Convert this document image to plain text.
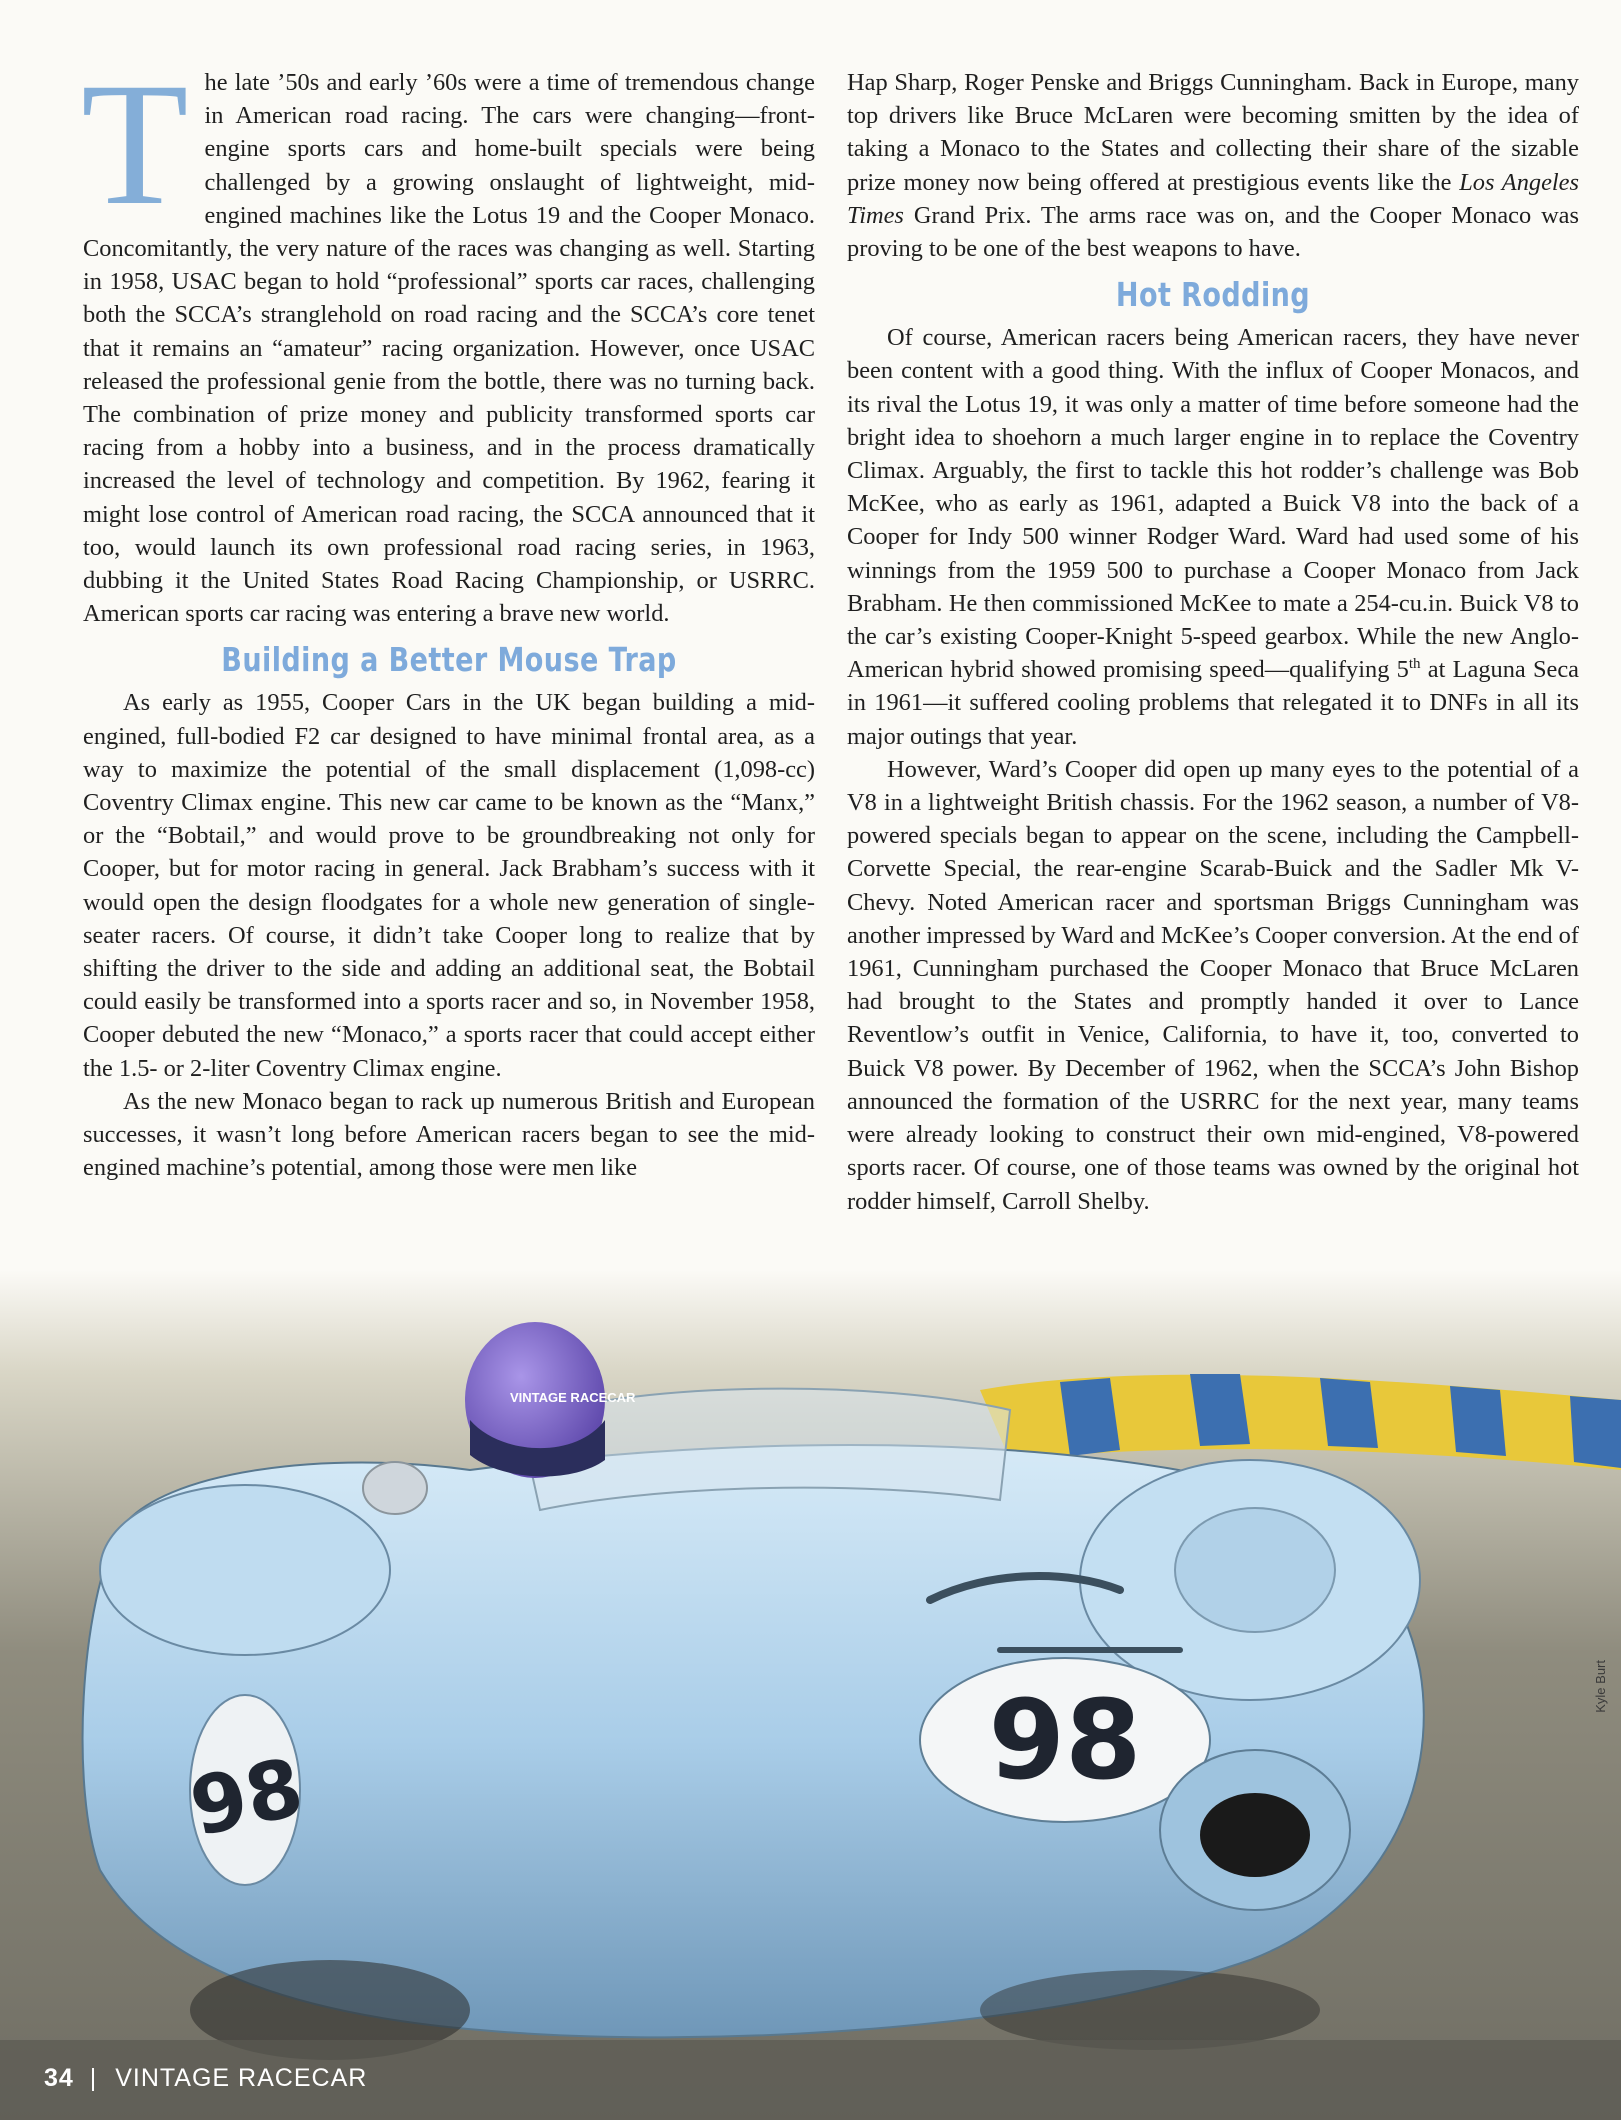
T he late ’50s and early ’60s were a time of tremendous change in American road racing. The cars were changing—front-engine sports cars and home-built specials were being challenged by a growing onslaught of lightweight, mid-engined machines like the Lotus 19 and the Cooper Monaco. Concomitantly, the very nature of the races was changing as well. Starting in 1958, USAC began to hold “professional” sports car races, challenging both the SCCA’s stranglehold on road racing and the SCCA’s core tenet that it remains an “amateur” racing organization. However, once USAC released the professional genie from the bottle, there was no turning back. The combination of prize money and publicity transformed sports car racing from a hobby into a business, and in the process dramatically increased the level of technology and competition. By 1962, fearing it might lose control of American road racing, the SCCA announced that it too, would launch its own professional road racing series, in 1963, dubbing it the United States Road Racing Championship, or USRRC. American sports car racing was entering a brave new world.

Building a Better Mouse Trap

As early as 1955, Cooper Cars in the UK began building a mid-engined, full-bodied F2 car designed to have minimal frontal area, as a way to maximize the potential of the small displacement (1,098-cc) Coventry Climax engine. This new car came to be known as the “Manx,” or the “Bobtail,” and would prove to be groundbreaking not only for Cooper, but for motor racing in general. Jack Brabham’s success with it would open the design floodgates for a whole new generation of single-seater racers. Of course, it didn’t take Cooper long to realize that by shifting the driver to the side and adding an additional seat, the Bobtail could easily be transformed into a sports racer and so, in November 1958, Cooper debuted the new “Monaco,” a sports racer that could accept either the 1.5- or 2-liter Coventry Climax engine.

As the new Monaco began to rack up numerous British and European successes, it wasn’t long before American racers began to see the mid-engined machine’s potential, among those were men like

Hap Sharp, Roger Penske and Briggs Cunningham. Back in Europe, many top drivers like Bruce McLaren were becoming smitten by the idea of taking a Monaco to the States and collecting their share of the sizable prize money now being offered at prestigious events like the Los Angeles Times Grand Prix. The arms race was on, and the Cooper Monaco was proving to be one of the best weapons to have.

Hot Rodding

Of course, American racers being American racers, they have never been content with a good thing. With the influx of Cooper Monacos, and its rival the Lotus 19, it was only a matter of time before someone had the bright idea to shoehorn a much larger engine in to replace the Coventry Climax. Arguably, the first to tackle this hot rodder’s challenge was Bob McKee, who as early as 1961, adapted a Buick V8 into the back of a Cooper for Indy 500 winner Rodger Ward. Ward had used some of his winnings from the 1959 500 to purchase a Cooper Monaco from Jack Brabham. He then commissioned McKee to mate a 254-cu.in. Buick V8 to the car’s existing Cooper-Knight 5-speed gearbox. While the new Anglo-American hybrid showed promising speed—qualifying 5th at Laguna Seca in 1961—it suffered cooling problems that relegated it to DNFs in all its major outings that year.

However, Ward’s Cooper did open up many eyes to the potential of a V8 in a lightweight British chassis. For the 1962 season, a number of V8-powered specials began to appear on the scene, including the Campbell-Corvette Special, the rear-engine Scarab-Buick and the Sadler Mk V-Chevy. Noted American racer and sportsman Briggs Cunningham was another impressed by Ward and McKee’s Cooper conversion. At the end of 1961, Cunningham purchased the Cooper Monaco that Bruce McLaren had brought to the States and promptly handed it over to Lance Reventlow’s outfit in Venice, California, to have it, too, converted to Buick V8 power. By December of 1962, when the SCCA’s John Bishop announced the formation of the USRRC for the next year, many teams were already looking to construct their own mid-engined, V8-powered sports racer. Of course, one of those teams was owned by the original hot rodder himself, Carroll Shelby.

VINTAGE RACECAR
98
98
Kyle Burt
34 | VINTAGE RACECAR
